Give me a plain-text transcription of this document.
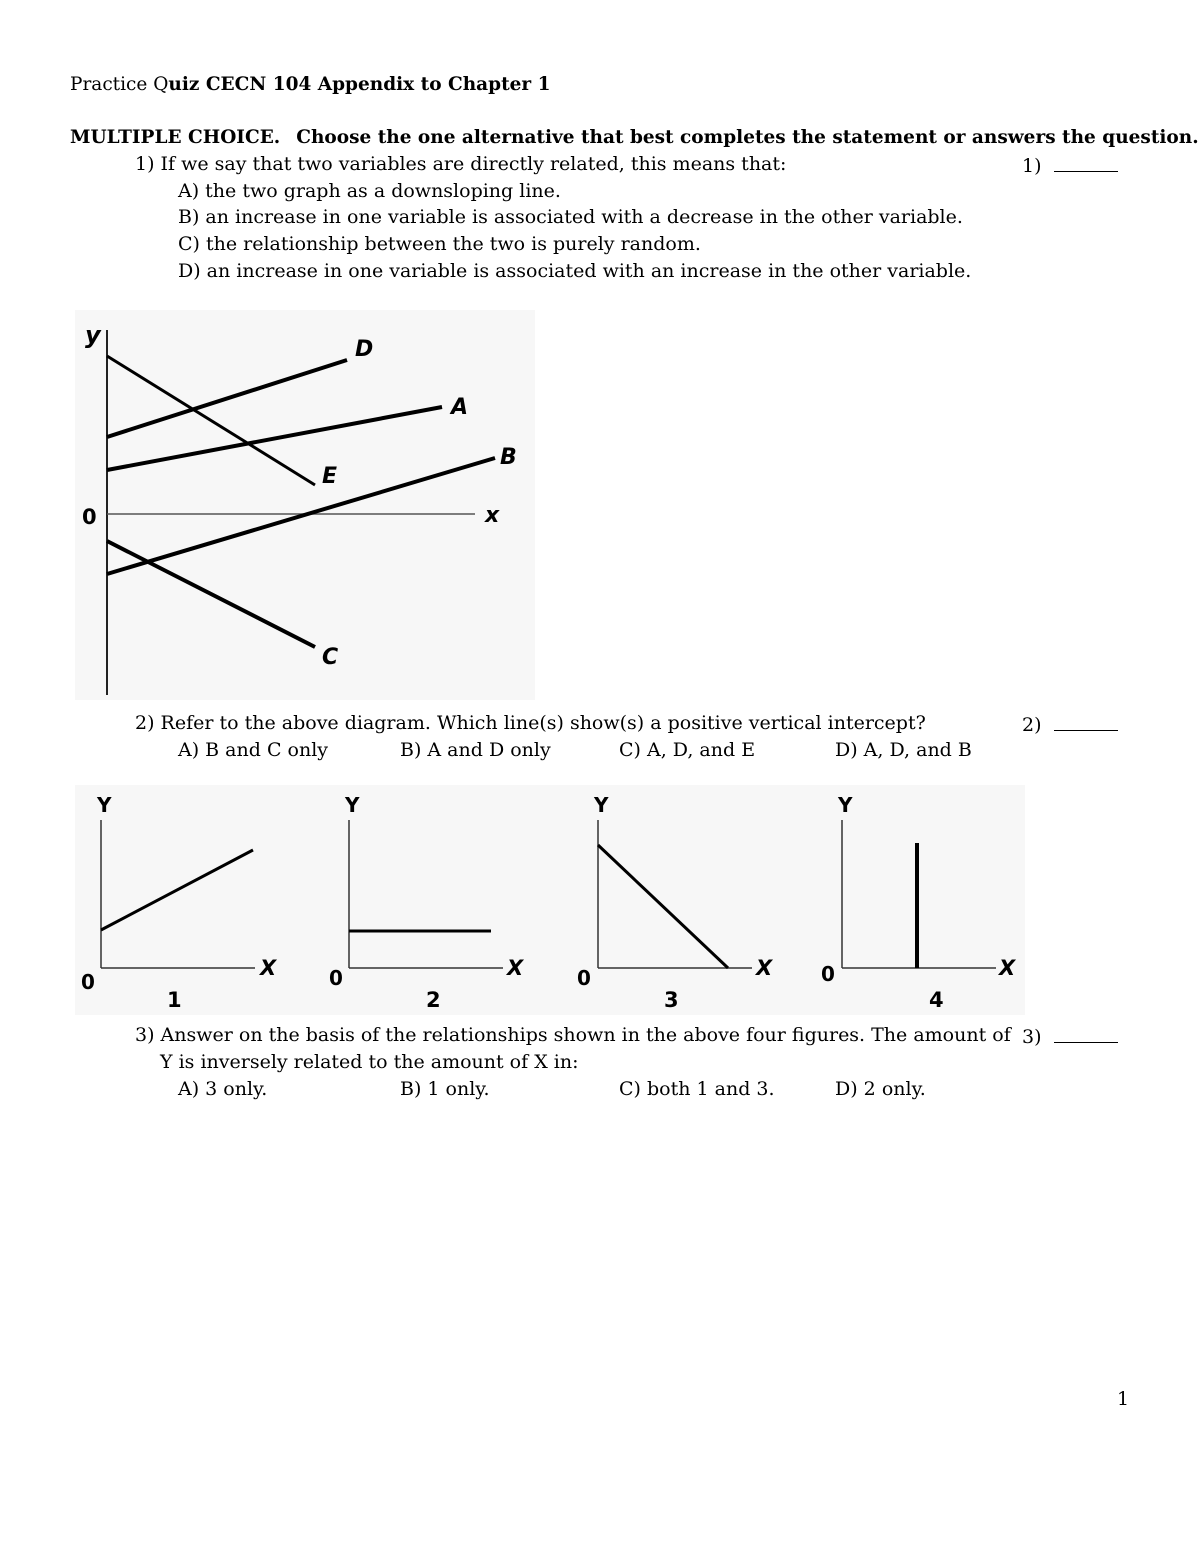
Practice Quiz CECN 104 Appendix to Chapter 1
MULTIPLE CHOICE. Choose the one alternative that best completes the statement or answers the question.
1) If we say that two variables are directly related, this means that:	1)
A) the two graph as a downsloping line.
B) an increase in one variable is associated with a decrease in the other variable.
C) the relationship between the two is purely random.
D) an increase in one variable is associated with an increase in the other variable.
y
x
0
D
A
E
B
C
2) Refer to the above diagram. Which line(s) show(s) a positive vertical intercept?	2)
A) B and C only	B) A and D only	C) A, D, and E	D) A, D, and B
Y
X
0
1
Y
X
0
2
Y
X
0
3
Y
X
0
4
3) Answer on the basis of the relationships shown in the above four figures. The amount of
Y is inversely related to the amount of X in:
3)
A) 3 only.	B) 1 only.	C) both 1 and 3.	D) 2 only.
1
